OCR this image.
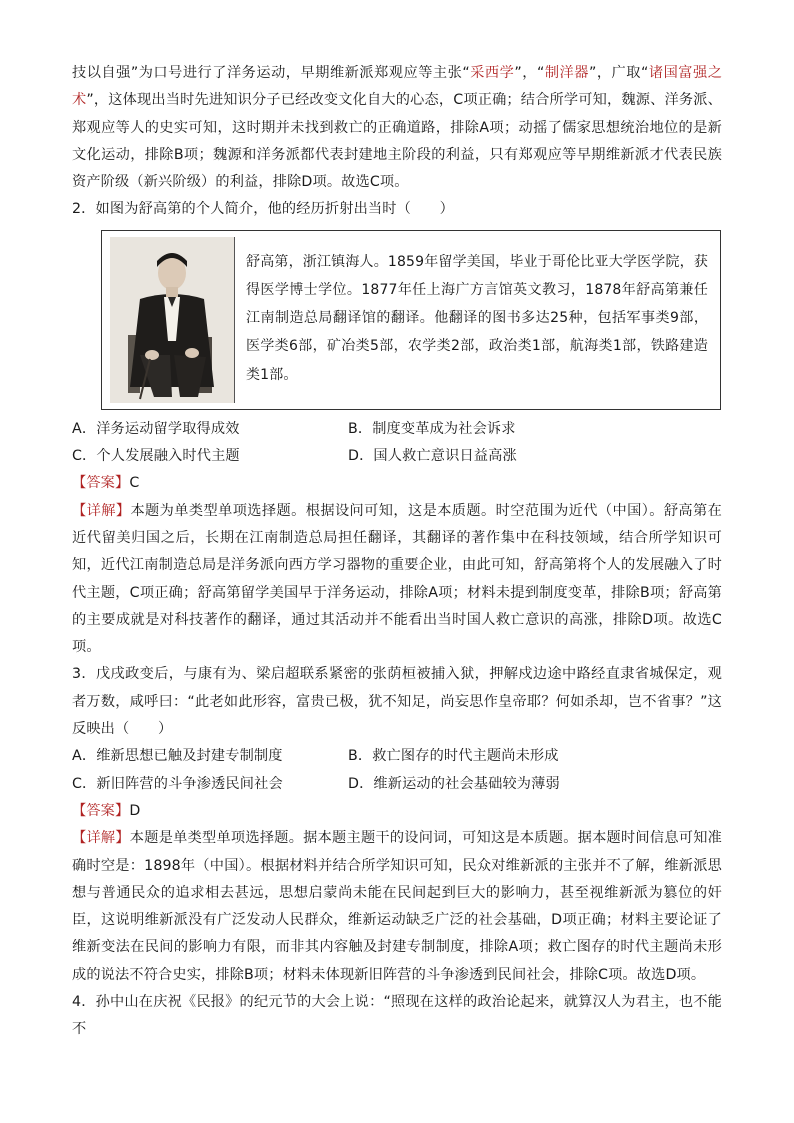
技以自强”为口号进行了洋务运动，早期维新派郑观应等主张“采西学”，“制洋器”，广取“诸国富强之术”，这体现出当时先进知识分子已经改变文化自大的心态，C项正确；结合所学可知，魏源、洋务派、郑观应等人的史实可知，这时期并未找到救亡的正确道路，排除A项；动摇了儒家思想统治地位的是新文化运动，排除B项；魏源和洋务派都代表封建地主阶段的利益，只有郑观应等早期维新派才代表民族资产阶级（新兴阶级）的利益，排除D项。故选C项。

2．如图为舒高第的个人简介，他的经历折射出当时（　　）

舒高第，浙江镇海人。1859年留学美国，毕业于哥伦比亚大学医学院，获得医学博士学位。1877年任上海广方言馆英文教习，1878年舒高第兼任江南制造总局翻译馆的翻译。他翻译的图书多达25种，包括军事类9部，医学类6部，矿冶类5部，农学类2部，政治类1部，航海类1部，铁路建造类1部。
A．洋务运动留学取得成效	B．制度变革成为社会诉求
C．个人发展融入时代主题	D．国人救亡意识日益高涨

【答案】C

【详解】本题为单类型单项选择题。根据设问可知，这是本质题。时空范围为近代（中国）。舒高第在近代留美归国之后，长期在江南制造总局担任翻译，其翻译的著作集中在科技领域，结合所学知识可知，近代江南制造总局是洋务派向西方学习器物的重要企业，由此可知，舒高第将个人的发展融入了时代主题，C项正确；舒高第留学美国早于洋务运动，排除A项；材料未提到制度变革，排除B项；舒高第的主要成就是对科技著作的翻译，通过其活动并不能看出当时国人救亡意识的高涨，排除D项。故选C项。

3．戊戌政变后，与康有为、梁启超联系紧密的张荫桓被捕入狱，押解戍边途中路经直隶省城保定，观者万数，咸呼曰：“此老如此形容，富贵已极，犹不知足，尚妄思作皇帝耶？何如杀却，岂不省事？”这反映出（　　）

A．维新思想已触及封建专制制度	B．救亡图存的时代主题尚未形成
C．新旧阵营的斗争渗透民间社会	D．维新运动的社会基础较为薄弱

【答案】D

【详解】本题是单类型单项选择题。据本题主题干的设问词，可知这是本质题。据本题时间信息可知准确时空是：1898年（中国）。根据材料并结合所学知识可知，民众对维新派的主张并不了解，维新派思想与普通民众的追求相去甚远，思想启蒙尚未能在民间起到巨大的影响力，甚至视维新派为篡位的奸臣，这说明维新派没有广泛发动人民群众，维新运动缺乏广泛的社会基础，D项正确；材料主要论证了维新变法在民间的影响力有限，而非其内容触及封建专制制度，排除A项；救亡图存的时代主题尚未形成的说法不符合史实，排除B项；材料未体现新旧阵营的斗争渗透到民间社会，排除C项。故选D项。

4．孙中山在庆祝《民报》的纪元节的大会上说：“照现在这样的政治论起来，就算汉人为君主，也不能不
